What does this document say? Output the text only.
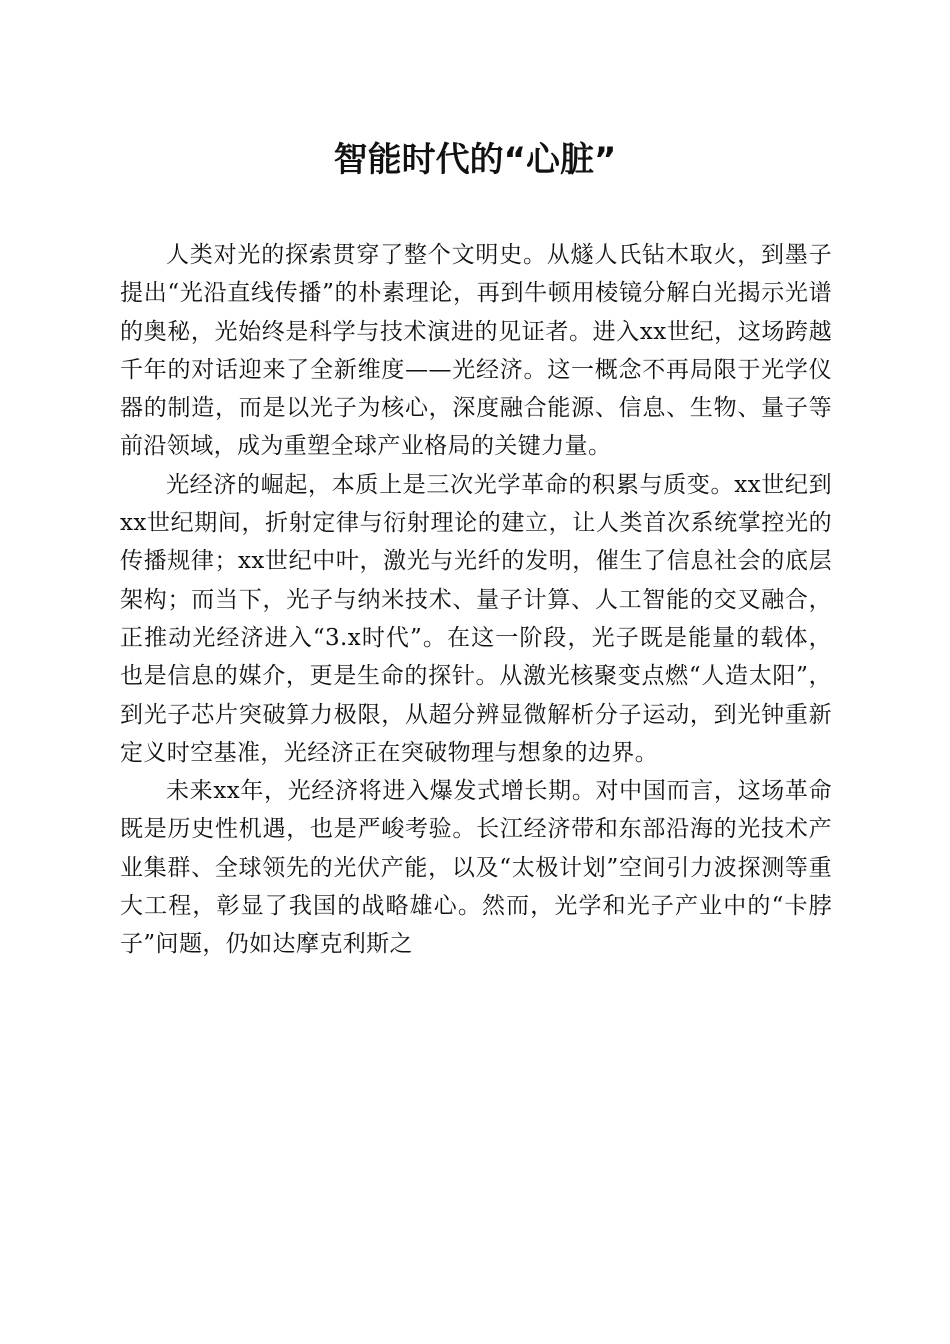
智能时代的“心脏”

人类对光的探索贯穿了整个文明史。从燧人氏钻木取火，到墨子提出“光沿直线传播”的朴素理论，再到牛顿用棱镜分解白光揭示光谱的奥秘，光始终是科学与技术演进的见证者。进入xx世纪，这场跨越千年的对话迎来了全新维度——光经济。这一概念不再局限于光学仪器的制造，而是以光子为核心，深度融合能源、信息、生物、量子等前沿领域，成为重塑全球产业格局的关键力量。

光经济的崛起，本质上是三次光学革命的积累与质变。xx世纪到xx世纪期间，折射定律与衍射理论的建立，让人类首次系统掌控光的传播规律；xx世纪中叶，激光与光纤的发明，催生了信息社会的底层架构；而当下，光子与纳米技术、量子计算、人工智能的交叉融合，正推动光经济进入“3.x时代”。在这一阶段，光子既是能量的载体，也是信息的媒介，更是生命的探针。从激光核聚变点燃“人造太阳”，到光子芯片突破算力极限，从超分辨显微解析分子运动，到光钟重新定义时空基准，光经济正在突破物理与想象的边界。

未来xx年，光经济将进入爆发式增长期。对中国而言，这场革命既是历史性机遇，也是严峻考验。长江经济带和东部沿海的光技术产业集群、全球领先的光伏产能，以及“太极计划”空间引力波探测等重大工程，彰显了我国的战略雄心。然而，光学和光子产业中的“卡脖子”问题，仍如达摩克利斯之
